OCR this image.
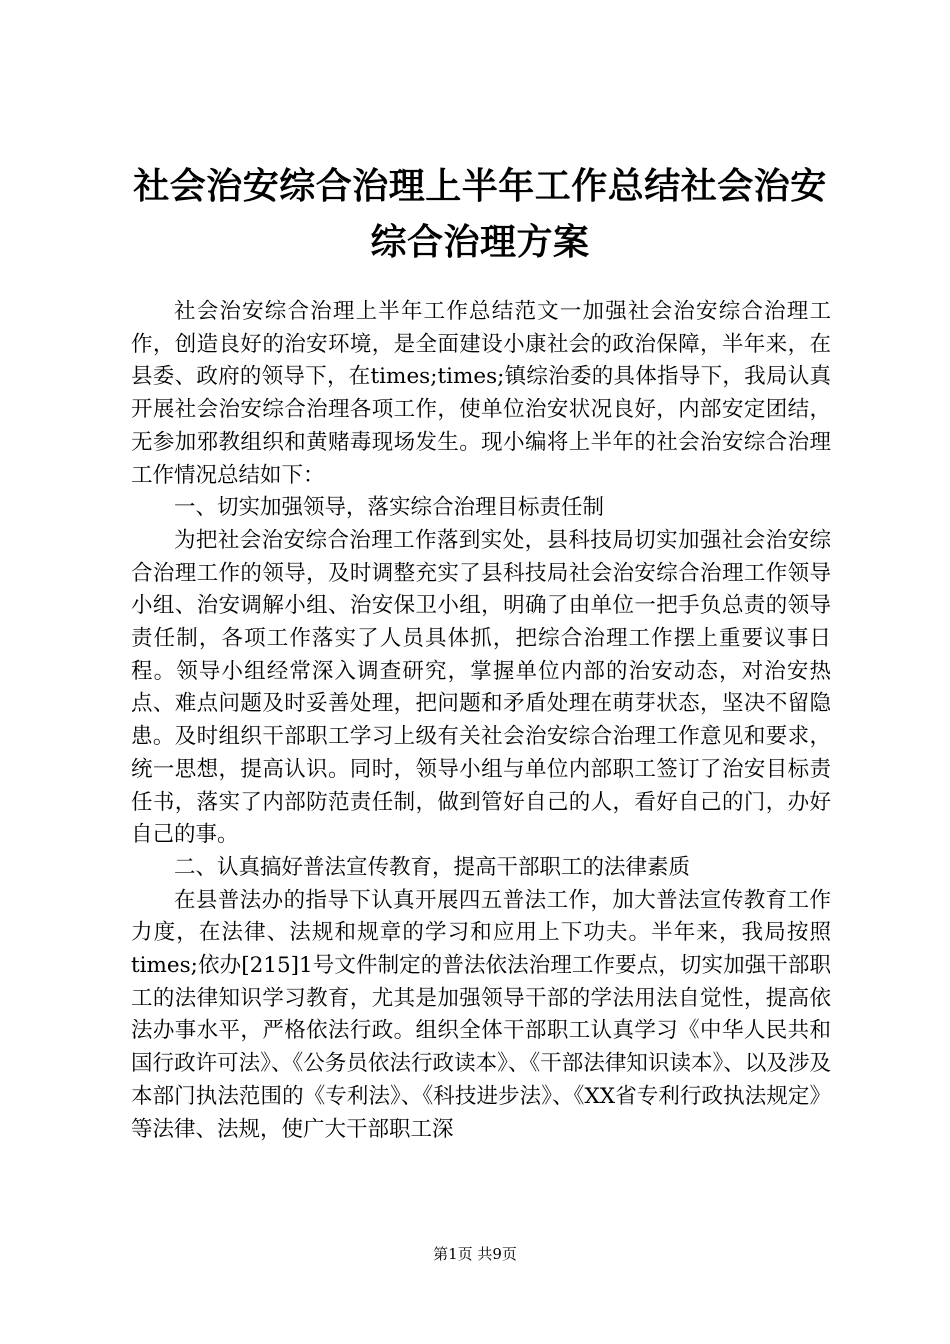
社会治安综合治理上半年工作总结社会治安综合治理方案

社会治安综合治理上半年工作总结范文一加强社会治安综合治理工作，创造良好的治安环境，是全面建设小康社会的政治保障，半年来，在县委、政府的领导下，在times;times;镇综治委的具体指导下，我局认真开展社会治安综合治理各项工作，使单位治安状况良好，内部安定团结，无参加邪教组织和黄赌毒现场发生。现小编将上半年的社会治安综合治理工作情况总结如下：

一、切实加强领导，落实综合治理目标责任制

为把社会治安综合治理工作落到实处，县科技局切实加强社会治安综合治理工作的领导，及时调整充实了县科技局社会治安综合治理工作领导小组、治安调解小组、治安保卫小组，明确了由单位一把手负总责的领导责任制，各项工作落实了人员具体抓，把综合治理工作摆上重要议事日程。领导小组经常深入调查研究，掌握单位内部的治安动态，对治安热点、难点问题及时妥善处理，把问题和矛盾处理在萌芽状态，坚决不留隐患。及时组织干部职工学习上级有关社会治安综合治理工作意见和要求，统一思想，提高认识。同时，领导小组与单位内部职工签订了治安目标责任书，落实了内部防范责任制，做到管好自己的人，看好自己的门，办好自己的事。

二、认真搞好普法宣传教育，提高干部职工的法律素质

在县普法办的指导下认真开展四五普法工作，加大普法宣传教育工作力度，在法律、法规和规章的学习和应用上下功夫。半年来，我局按照times;依办[215]1号文件制定的普法依法治理工作要点，切实加强干部职工的法律知识学习教育，尤其是加强领导干部的学法用法自觉性，提高依法办事水平，严格依法行政。组织全体干部职工认真学习《中华人民共和国行政许可法》、《公务员依法行政读本》、《干部法律知识读本》、以及涉及本部门执法范围的《专利法》、《科技进步法》、《XX省专利行政执法规定》等法律、法规，使广大干部职工深

第1页 共9页
